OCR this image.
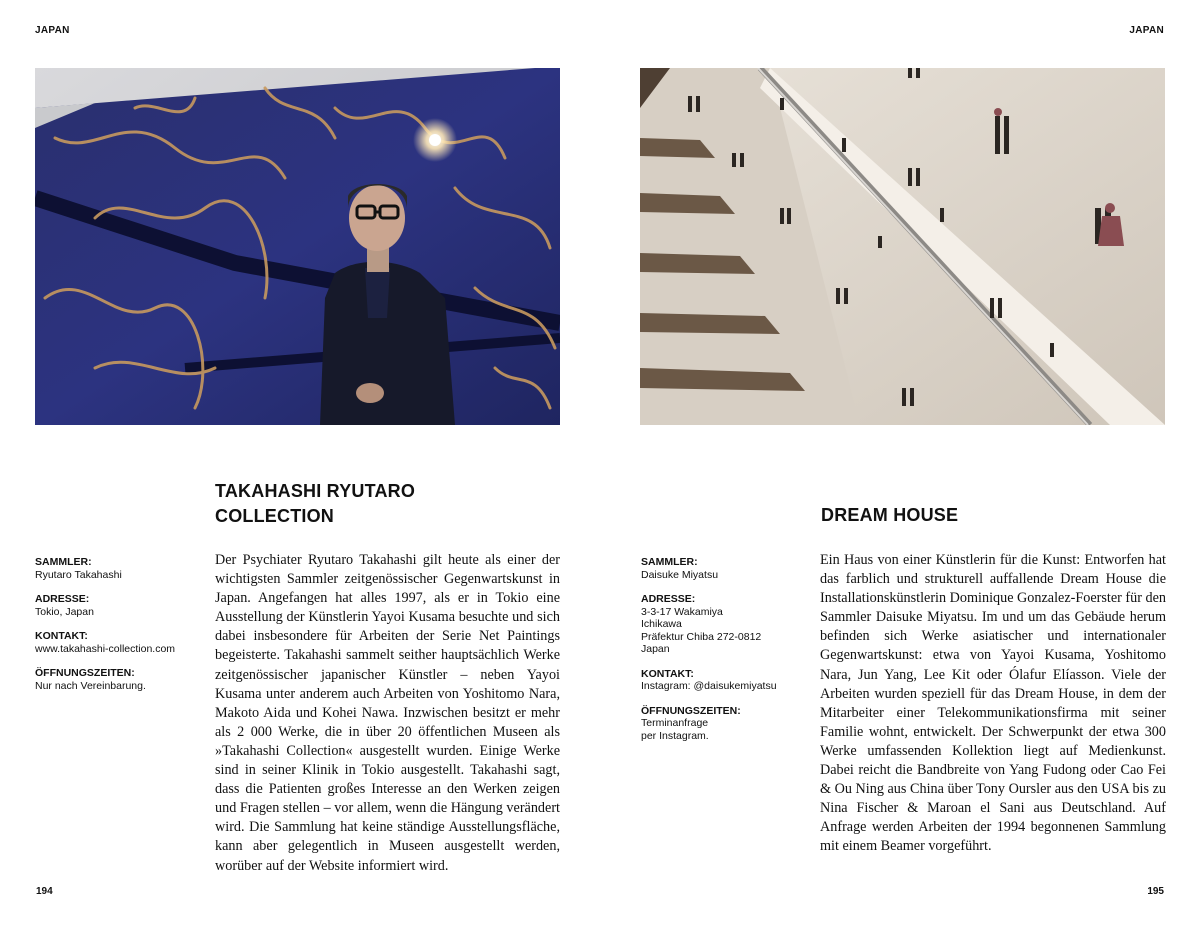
JAPAN	JAPAN
TAKAHASHI RYUTARO
COLLECTION	DREAM HOUSE
SAMMLER:
Ryutaro Takahashi
ADRESSE:
Tokio, Japan
KONTAKT:
www.takahashi-collection.com
ÖFFNUNGSZEITEN:
Nur nach Vereinbarung.
SAMMLER:
Daisuke Miyatsu
ADRESSE:
3-3-17 Wakamiya
Ichikawa
Präfektur Chiba 272-0812
Japan
KONTAKT:
Instagram: @daisukemiyatsu
ÖFFNUNGSZEITEN:
Terminanfrage
per Instagram.

Der Psychiater Ryutaro Takahashi gilt heute als einer der wichtigsten Sammler zeitgenössischer Gegenwartskunst in Japan. Angefangen hat alles 1997, als er in Tokio eine Ausstellung der Künstlerin Yayoi Kusama besuchte und sich dabei insbesondere für Arbeiten der Serie Net Paintings begeisterte. Takahashi sammelt seither hauptsächlich Werke zeitgenössischer japanischer Künstler – neben Yayoi Kusama unter anderem auch Arbeiten von Yoshitomo Nara, Makoto Aida und Kohei Nawa. Inzwischen besitzt er mehr als 2 000 Werke, die in über 20 öffentlichen Museen als »Takahashi Collection« ausgestellt wurden. Einige Werke sind in seiner Klinik in Tokio ausgestellt. Takahashi sagt, dass die Patienten großes Interesse an den Werken zeigen und Fragen stellen – vor allem, wenn die Hängung verändert wird. Die Sammlung hat keine ständige Ausstellungsfläche, kann aber gelegentlich in Museen ausgestellt werden, worüber auf der Website informiert wird.

Ein Haus von einer Künstlerin für die Kunst: Entworfen hat das farblich und strukturell auffallende Dream House die Installationskünstlerin Dominique Gonzalez-Foerster für den Sammler Daisuke Miyatsu. Im und um das Gebäude herum befinden sich Werke asiatischer und internationaler Gegenwartskunst: etwa von Yayoi Kusama, Yoshitomo Nara, Jun Yang, Lee Kit oder Ólafur Elíasson. Viele der Arbeiten wurden speziell für das Dream House, in dem der Mitarbeiter einer Telekommunikationsfirma mit seiner Familie wohnt, entwickelt. Der Schwerpunkt der etwa 300 Werke umfassenden Kollektion liegt auf Medienkunst. Dabei reicht die Bandbreite von Yang Fudong oder Cao Fei & Ou Ning aus China über Tony Oursler aus den USA bis zu Nina Fischer & Maroan el Sani aus Deutschland. Auf Anfrage werden Arbeiten der 1994 begonnenen Sammlung mit einem Beamer vorgeführt.

194	195
